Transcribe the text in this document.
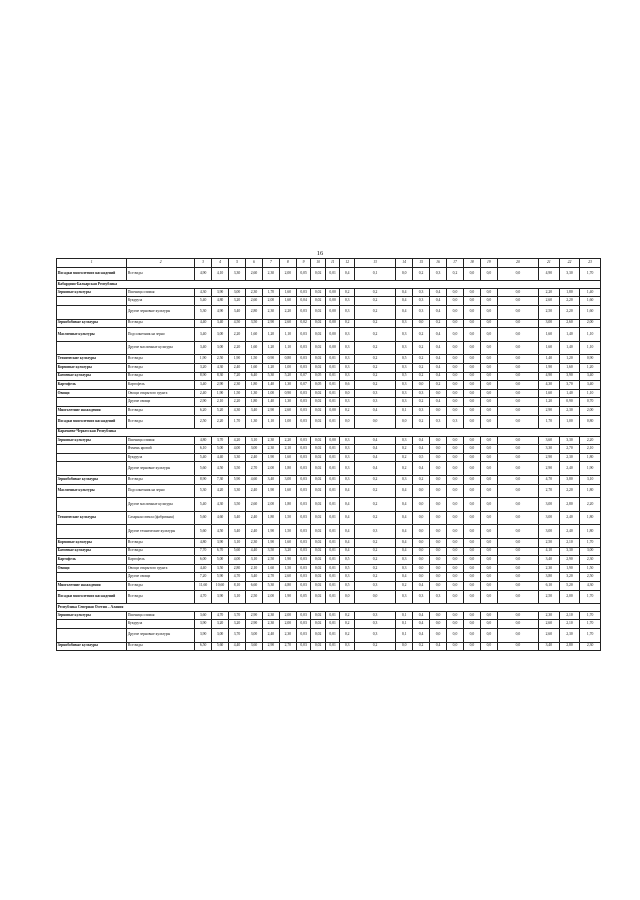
16
1	2	3	4	5	6	7	8	9	10	11	12	13	14	15	16	17	18	19	20	21	22	23
Посадки многолетних насаждений	Все виды	4,90	4,10	3,30	2,60	2,30	2,00	0,05	0,02	0,01	0,4	0,1	0,0	0,2	0,3	0,2	0,0	0,0	0,0	4,90	3,30	1,70
Кабардино-Балкарская Республика																						
Зерновые культуры	Пшеница озимая	4,30	3,90	3,00	2,30	1,70	1,60	0,03	0,02	0,00	0,2	0,2	0,4	0,3	0,4	0,0	0,0	0,0	0,0	2,20	1,80	1,40
	Кукуруза	5,40	4,80	3,20	2,60	2,00	1,60	0,04	0,02	0,00	0,3	0,2	0,4	0,3	0,4	0,0	0,0	0,0	0,0	2,60	2,20	1,60
	Другие зерновые культуры	5,30	4,90	3,40	2,80	2,30	2,20	0,03	0,02	0,00	0,3	0,2	0,4	0,3	0,4	0,0	0,0	0,0	0,0	2,50	2,20	1,60
Зернобобовые культуры	Все виды	4,40	3,40	4,50	3,50	2,90	2,60	0,02	0,02	0,00	0,2	0,2	0,3	0,0	0,2	0,0	0,0	0,0	0,0	3,00	2,60	2,00
Масличные культуры	Подсолнечник на зерно	3,40	3,00	2,20	1,60	1,20	1,10	0,03	0,02	0,00	0,3	0,2	0,3	0,2	0,4	0,0	0,0	0,0	0,0	1,60	1,40	1,10
	Другие масличные культуры	3,40	3,00	2,20	1,60	1,20	1,10	0,03	0,02	0,00	0,3	0,2	0,3	0,2	0,4	0,0	0,0	0,0	0,0	1,60	1,40	1,10
Технические культуры	Все виды	1,90	2,50	1,90	1,50	0,90	0,80	0,03	0,02	0,01	0,3	0,2	0,5	0,2	0,4	0,0	0,0	0,0	0,0	1,40	1,20	0,90
Кормовые культуры	Все виды	3,20	4,30	2,40	1,60	1,20	1,00	0,03	0,02	0,01	0,3	0,2	0,3	0,2	0,4	0,0	0,0	0,0	0,0	1,90	1,60	1,20
Бахчевые культуры	Все виды	8,90	8,30	7,20	6,40	5,30	5,20	0,07	0,05	0,01	0,3	0,2	0,5	0,2	0,4	0,0	0,0	0,0	0,0	4,90	3,90	3,40
Картофель	Картофель	3,40	2,90	2,30	1,80	1,40	1,30	0,07	0,05	0,01	0,6	0,2	0,3	0,0	0,2	0,0	0,0	0,0	0,0	4,30	3,70	3,40
Овощи	Овощи открытого грунта	2,40	1,90	1,50	1,30	1,00	0,90	0,03	0,02	0,01	0,0	0,3	0,3	0,3	0,0	0,0	0,0	0,0	0,0	1,60	1,40	1,10
	Другие овощи	2,90	2,10	2,20	1,80	1,40	1,30	0,03	0,02	0,01	0,3	0,3	0,3	0,2	0,4	0,0	0,0	0,0	0,0	1,20	0,90	0,70
Многолетние насаждения	Все виды	6,20	5,20	4,30	3,40	2,90	2,60	0,03	0,02	0,00	0,2	0,4	0,1	0,3	0,0	0,0	0,0	0,0	0,0	2,90	2,30	2,00
Посадки многолетних насаждений	Все виды	2,50	2,20	1,70	1,30	1,10	1,00	0,03	0,02	0,01	0,0	0,0	0,0	0,2	0,3	0,3	0,0	0,0	0,0	1,70	1,00	0,80
Карачаево-Черкесская Республика																						
Зерновые культуры	Пшеница озимая	4,80	3,70	4,20	3,10	2,30	2,20	0,03	0,02	0,00	0,3	0,4	0,3	0,4	0,0	0,0	0,0	0,0	0,0	3,60	3,30	2,20
	Ячмень яровой	6,10	5,00	4,00	3,00	2,30	2,10	0,03	0,02	0,01	0,3	0,4	0,2	0,4	0,0	0,0	0,0	0,0	0,0	3,30	2,70	2,10
	Кукуруза	5,40	4,40	3,30	2,40	1,90	1,60	0,03	0,02	0,01	0,3	0,4	0,2	0,5	0,0	0,0	0,0	0,0	0,0	2,90	2,30	1,80
	Другие зерновые культуры	5,60	4,50	3,50	2,70	2,00	1,80	0,03	0,02	0,01	0,3	0,4	0,2	0,4	0,0	0,0	0,0	0,0	0,0	2,90	2,40	1,90
Зернобобовые культуры	Все виды	8,90	7,30	5,90	4,60	3,40	3,00	0,03	0,02	0,01	0,3	0,2	0,3	0,2	0,0	0,0	0,0	0,0	0,0	4,70	3,80	3,10
Масличные культуры	Подсолнечник на зерно	5,30	4,20	3,30	2,40	1,90	1,60	0,03	0,02	0,01	0,4	0,2	0,4	0,0	0,0	0,0	0,0	0,0	0,0	2,70	2,20	1,80
	Другие масличные культуры	5,40	4,30	3,50	2,60	2,00	1,80	0,03	0,02	0,01	0,4	0,2	0,4	0,0	0,0	0,0	0,0	0,0	0,0	3,00	2,80	2,20
Технические культуры	Сахарная свекла (фабричная)	5,60	4,60	3,40	2,40	1,80	1,50	0,03	0,02	0,01	0,4	0,2	0,4	0,0	0,0	0,0	0,0	0,0	0,0	3,00	2,40	1,80
	Другие технические культуры	5,60	4,50	3,40	2,40	1,90	1,50	0,03	0,02	0,01	0,4	0,3	0,4	0,0	0,0	0,0	0,0	0,0	0,0	3,00	2,40	1,80
Кормовые культуры	Все виды	4,80	3,90	3,10	2,30	1,90	1,60	0,03	0,02	0,01	0,4	0,2	0,4	0,0	0,0	0,0	0,0	0,0	0,0	2,50	2,10	1,70
Бахчевые культуры	Все виды	7,70	6,70	5,60	4,40	3,50	3,20	0,03	0,02	0,01	0,4	0,2	0,4	0,0	0,0	0,0	0,0	0,0	0,0	4,10	3,30	3,00
Картофель	Картофель	6,00	5,00	4,00	3,10	2,50	1,90	0,03	0,02	0,01	0,5	0,2	0,3	0,0	0,0	0,0	0,0	0,0	0,0	3,40	2,90	2,30
Овощи	Овощи открытого грунта	4,40	3,50	2,80	2,10	1,60	1,50	0,03	0,02	0,01	0,5	0,2	0,3	0,0	0,0	0,0	0,0	0,0	0,0	2,30	1,90	1,50
	Другие овощи	7,20	5,90	4,70	3,40	2,70	2,60	0,03	0,02	0,01	0,3	0,2	0,4	0,0	0,0	0,0	0,0	0,0	0,0	3,80	3,20	2,50
Многолетние насаждения	Все виды	11,60	10,60	8,10	6,60	5,30	4,80	0,03	0,02	0,01	0,5	0,3	0,2	0,4	0,0	0,0	0,0	0,0	0,0	6,10	5,20	4,30
Посадки многолетних насаждений	Все виды	4,70	3,90	3,10	2,50	2,00	1,90	0,05	0,02	0,01	0,0	0,0	0,3	0,3	0,3	0,0	0,0	0,0	0,0	2,50	2,00	1,70
Республика Северная Осетия – Алания																						
Зерновые культуры	Пшеница озимая	3,60	4,70	3,70	2,90	2,30	2,00	0,03	0,02	0,01	0,2	0,3	0,1	0,4	0,0	0,0	0,0	0,0	0,0	2,30	2,10	1,70
	Кукуруза	3,90	3,20	3,20	2,90	2,30	2,00	0,03	0,02	0,01	0,2	0,3	0,1	0,4	0,0	0,0	0,0	0,0	0,0	2,60	2,10	1,70
	Другие зерновые культуры	3,90	3,00	3,70	3,00	2,40	2,30	0,03	0,02	0,01	0,2	0,3	0,1	0,4	0,0	0,0	0,0	0,0	0,0	2,60	2,30	1,70
Зернобобовые культуры	Все виды	6,50	5,60	4,40	3,60	2,90	2,70	0,03	0,02	0,01	0,3	0,2	0,0	0,2	0,4	0,0	0,0	0,0	0,0	3,40	2,80	2,30
